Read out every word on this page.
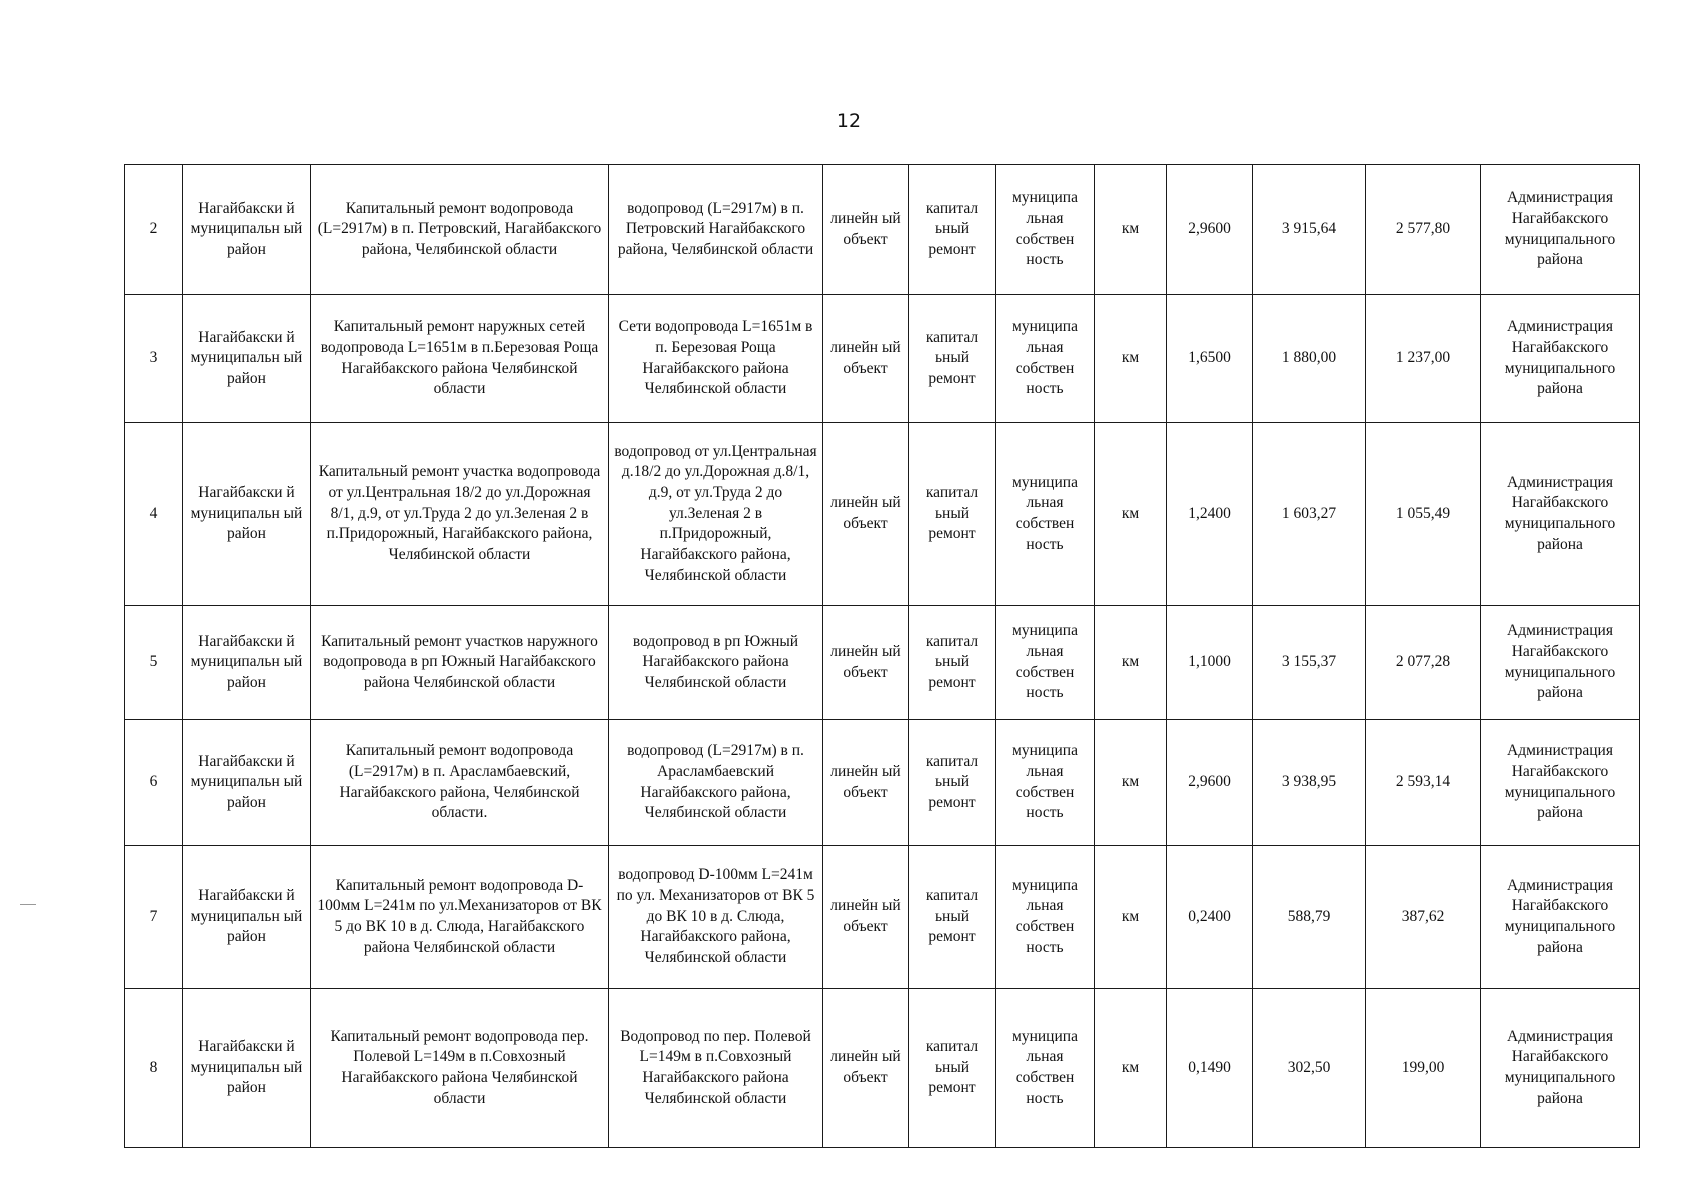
12
2	Нагайбакски й муниципальн ый район	Капитальный ремонт водопровода (L=2917м) в п. Петровский, Нагайбакского района, Челябинской области	водопровод (L=2917м) в п. Петровский Нагайбакского района, Челябинской области	линейн ый объект	капитал ьный ремонт	муниципа льная собствен ность	км	2,9600	3 915,64	2 577,80	Администрация Нагайбакского муниципального района
3	Нагайбакски й муниципальн ый район	Капитальный ремонт наружных сетей водопровода L=1651м в п.Березовая Роща Нагайбакского района Челябинской области	Сети водопровода L=1651м в п. Березовая Роща Нагайбакского района Челябинской области	линейн ый объект	капитал ьный ремонт	муниципа льная собствен ность	км	1,6500	1 880,00	1 237,00	Администрация Нагайбакского муниципального района
4	Нагайбакски й муниципальн ый район	Капитальный ремонт участка водопровода от ул.Центральная 18/2 до ул.Дорожная 8/1, д.9, от ул.Труда 2 до ул.Зеленая 2 в п.Придорожный, Нагайбакского района, Челябинской области	водопровод от ул.Центральная д.18/2 до ул.Дорожная д.8/1, д.9, от ул.Труда 2 до ул.Зеленая 2 в п.Придорожный, Нагайбакского района, Челябинской области	линейн ый объект	капитал ьный ремонт	муниципа льная собствен ность	км	1,2400	1 603,27	1 055,49	Администрация Нагайбакского муниципального района
5	Нагайбакски й муниципальн ый район	Капитальный ремонт участков наружного водопровода в рп Южный Нагайбакского района Челябинской области	водопровод в рп Южный Нагайбакского района Челябинской области	линейн ый объект	капитал ьный ремонт	муниципа льная собствен ность	км	1,1000	3 155,37	2 077,28	Администрация Нагайбакского муниципального района
6	Нагайбакски й муниципальн ый район	Капитальный ремонт водопровода (L=2917м) в п. Арасламбаевский, Нагайбакского района, Челябинской области.	водопровод (L=2917м) в п. Арасламбаевский Нагайбакского района, Челябинской области	линейн ый объект	капитал ьный ремонт	муниципа льная собствен ность	км	2,9600	3 938,95	2 593,14	Администрация Нагайбакского муниципального района
7	Нагайбакски й муниципальн ый район	Капитальный ремонт водопровода D-100мм L=241м по ул.Механизаторов от ВК 5 до ВК 10 в д. Слюда, Нагайбакского района Челябинской области	водопровод D-100мм L=241м по ул. Механизаторов от ВК 5 до ВК 10 в д. Слюда, Нагайбакского района, Челябинской области	линейн ый объект	капитал ьный ремонт	муниципа льная собствен ность	км	0,2400	588,79	387,62	Администрация Нагайбакского муниципального района
8	Нагайбакски й муниципальн ый район	Капитальный ремонт водопровода пер. Полевой L=149м в п.Совхозный Нагайбакского района Челябинской области	Водопровод по пер. Полевой L=149м в п.Совхозный Нагайбакского района Челябинской области	линейн ый объект	капитал ьный ремонт	муниципа льная собствен ность	км	0,1490	302,50	199,00	Администрация Нагайбакского муниципального района
